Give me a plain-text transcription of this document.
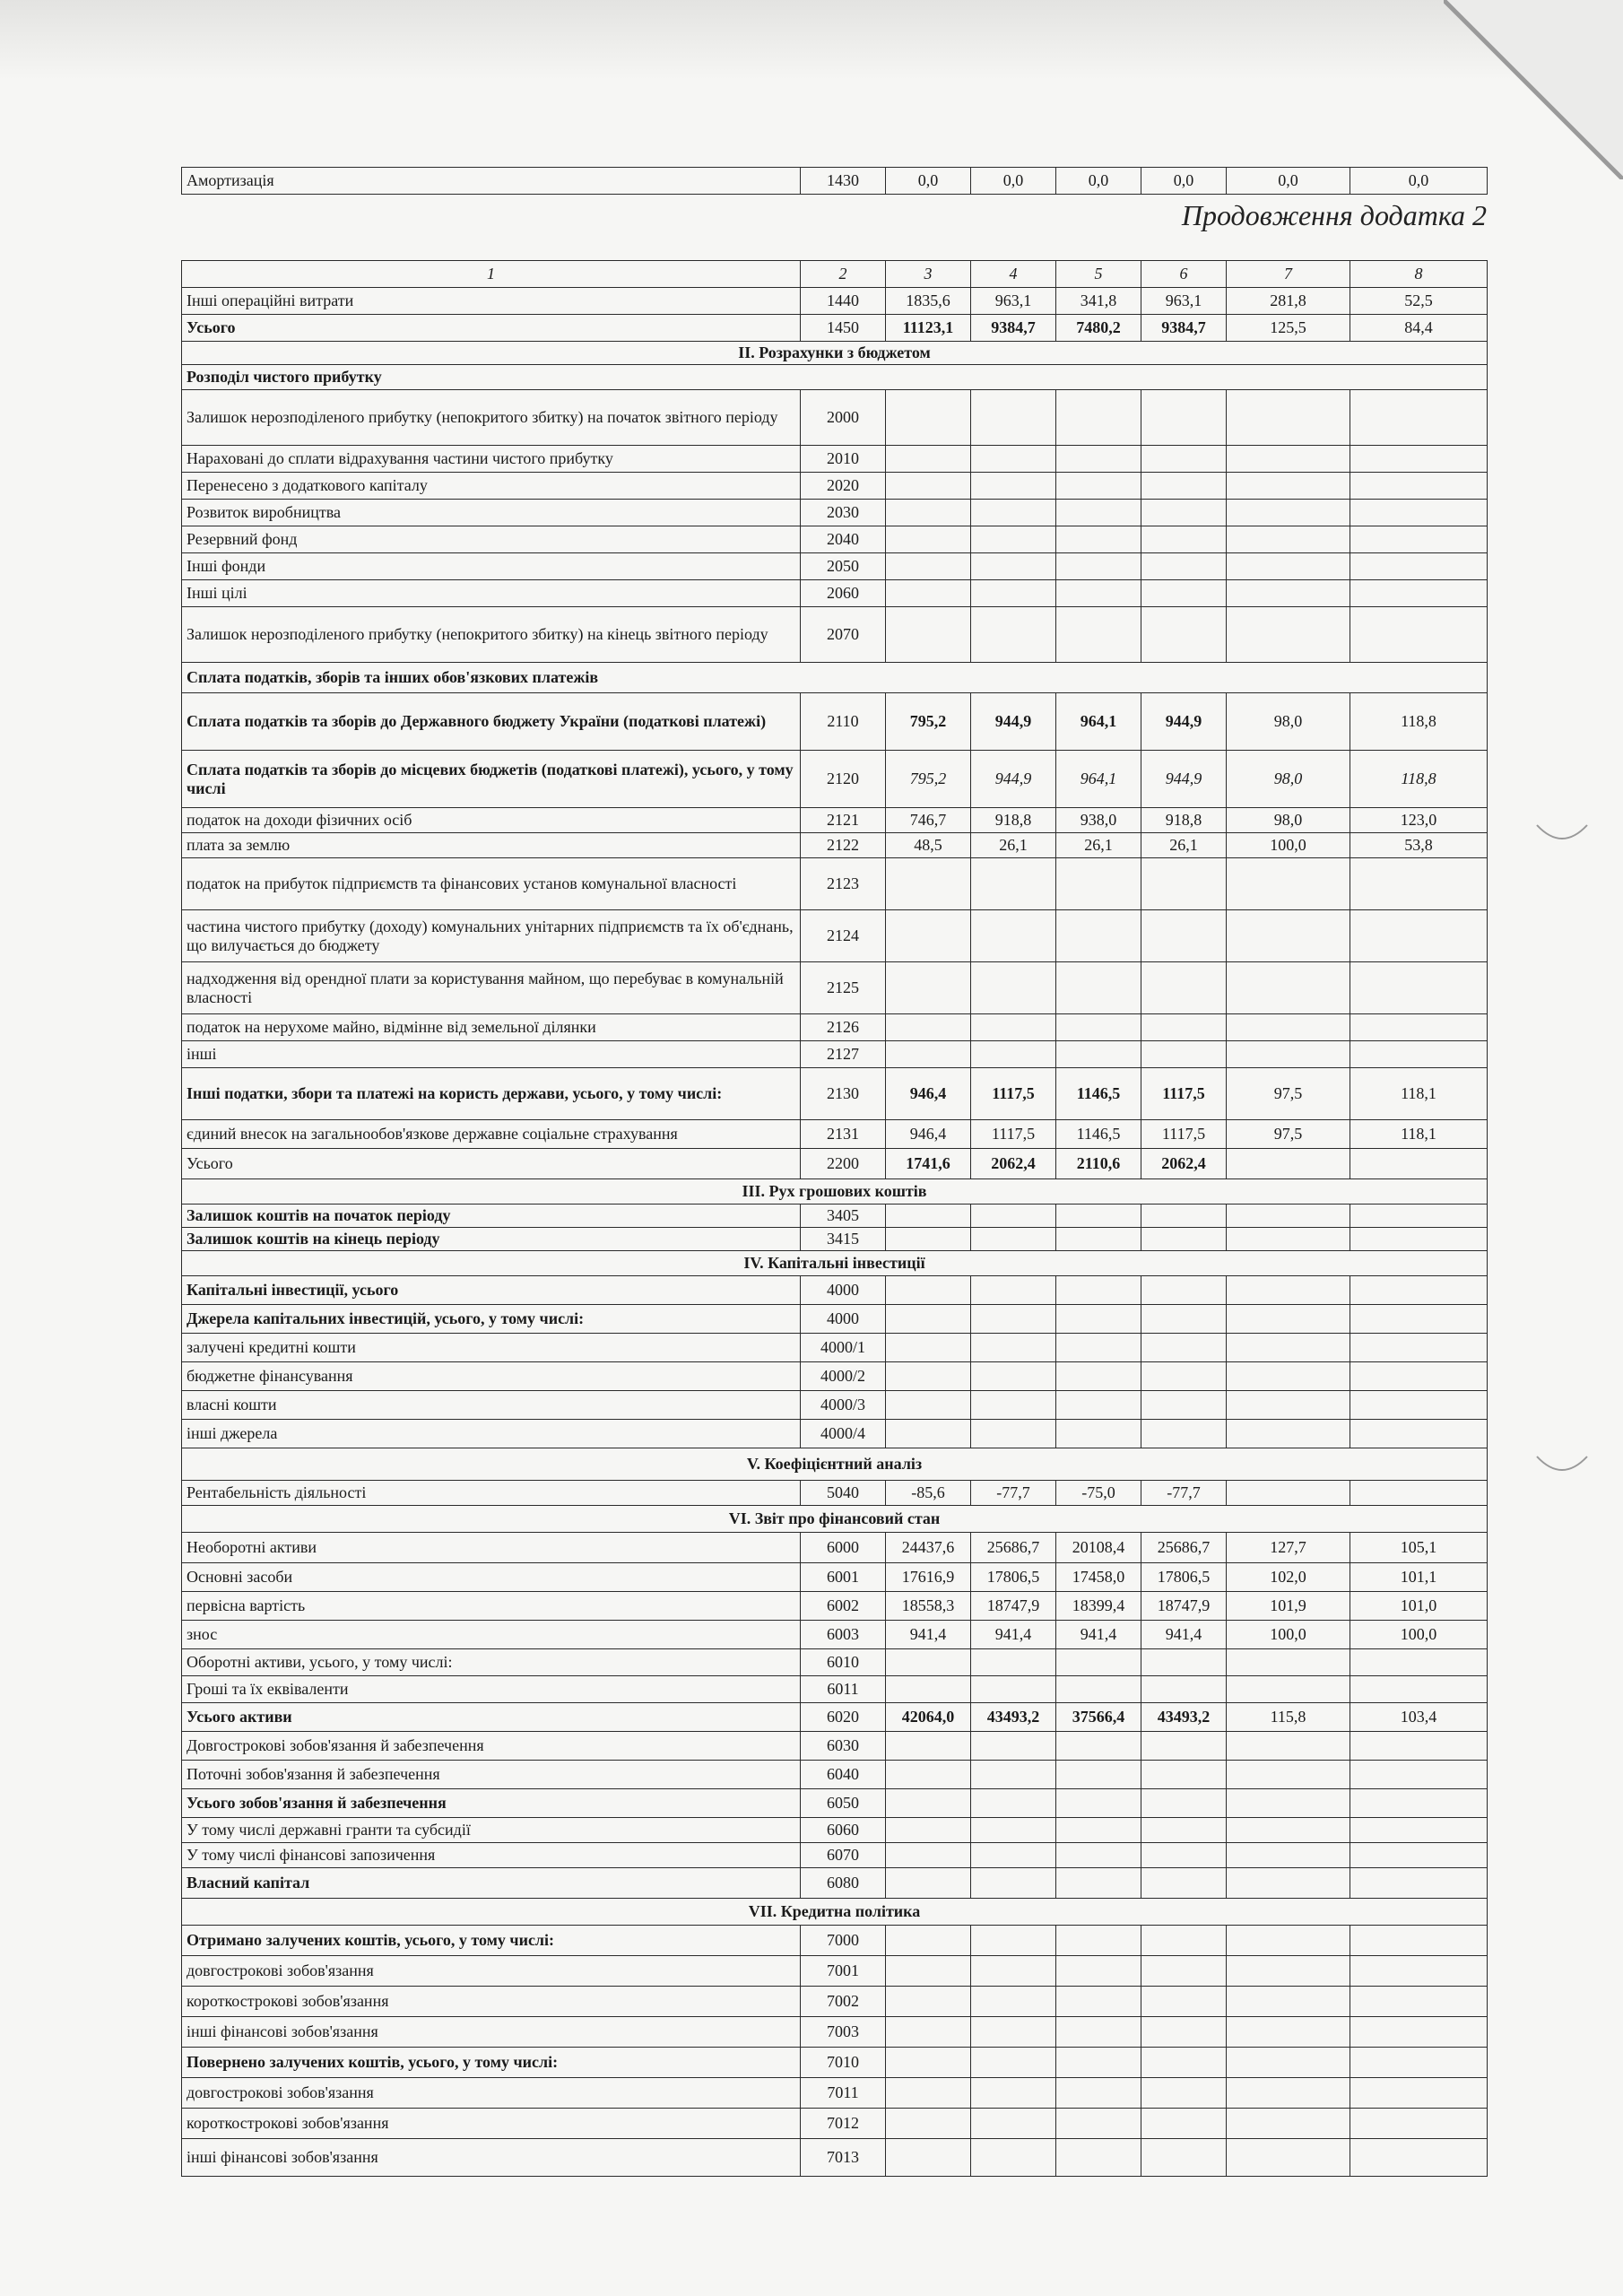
Амортизація	1430	0,0	0,0	0,0	0,0	0,0	0,0
Продовження додатка 2
1	2	3	4	5	6	7	8
Інші операційні витрати	1440	1835,6	963,1	341,8	963,1	281,8	52,5
Усього	1450	11123,1	9384,7	7480,2	9384,7	125,5	84,4
II. Розрахунки з бюджетом							
Розподіл чистого прибутку							
Залишок нерозподіленого прибутку (непокритого збитку) на початок звітного періоду	2000						
Нараховані до сплати відрахування частини чистого прибутку	2010						
Перенесено з додаткового капіталу	2020						
Розвиток виробництва	2030						
Резервний фонд	2040						
Інші фонди	2050						
Інші цілі	2060						
Залишок нерозподіленого прибутку (непокритого збитку) на кінець звітного періоду	2070						
Сплата податків, зборів та інших обов'язкових платежів							
Сплата податків та зборів до Державного бюджету України (податкові платежі)	2110	795,2	944,9	964,1	944,9	98,0	118,8
Сплата податків та зборів до місцевих бюджетів (податкові платежі), усього, у тому числі	2120	795,2	944,9	964,1	944,9	98,0	118,8
податок на доходи фізичних осіб	2121	746,7	918,8	938,0	918,8	98,0	123,0
плата за землю	2122	48,5	26,1	26,1	26,1	100,0	53,8
податок на прибуток підприємств та фінансових установ комунальної власності	2123						
частина чистого прибутку (доходу) комунальних унітарних підприємств та їх об'єднань, що вилучається до бюджету	2124						
надходження від орендної плати за користування майном, що перебуває в комунальній власності	2125						
податок на нерухоме майно, відмінне від земельної ділянки	2126						
інші	2127						
Інші податки, збори та платежі на користь держави, усього, у тому числі:	2130	946,4	1117,5	1146,5	1117,5	97,5	118,1
єдиний внесок на загальнообов'язкове державне соціальне страхування	2131	946,4	1117,5	1146,5	1117,5	97,5	118,1
Усього	2200	1741,6	2062,4	2110,6	2062,4		
III. Рух грошових коштів							
Залишок коштів на початок періоду	3405						
Залишок коштів на кінець періоду	3415						
IV. Капітальні інвестиції							
Капітальні інвестиції, усього	4000						
Джерела капітальних інвестицій, усього, у тому числі:	4000						
залучені кредитні кошти	4000/1						
бюджетне фінансування	4000/2						
власні кошти	4000/3						
інші джерела	4000/4						
V. Коефіцієнтний аналіз							
Рентабельність діяльності	5040	-85,6	-77,7	-75,0	-77,7		
VI. Звіт про фінансовий стан							
Необоротні активи	6000	24437,6	25686,7	20108,4	25686,7	127,7	105,1
Основні засоби	6001	17616,9	17806,5	17458,0	17806,5	102,0	101,1
первісна вартість	6002	18558,3	18747,9	18399,4	18747,9	101,9	101,0
знос	6003	941,4	941,4	941,4	941,4	100,0	100,0
Оборотні активи, усього, у тому числі:	6010						
Гроші та їх еквіваленти	6011						
Усього активи	6020	42064,0	43493,2	37566,4	43493,2	115,8	103,4
Довгострокові зобов'язання й забезпечення	6030						
Поточні зобов'язання й забезпечення	6040						
Усього зобов'язання й забезпечення	6050						
У тому числі державні гранти та субсидії	6060						
У тому числі фінансові запозичення	6070						
Власний капітал	6080						
VII. Кредитна політика							
Отримано залучених коштів, усього, у тому числі:	7000						
довгострокові зобов'язання	7001						
короткострокові зобов'язання	7002						
інші фінансові зобов'язання	7003						
Повернено залучених коштів, усього, у тому числі:	7010						
довгострокові зобов'язання	7011						
короткострокові зобов'язання	7012						
інші фінансові зобов'язання	7013						
